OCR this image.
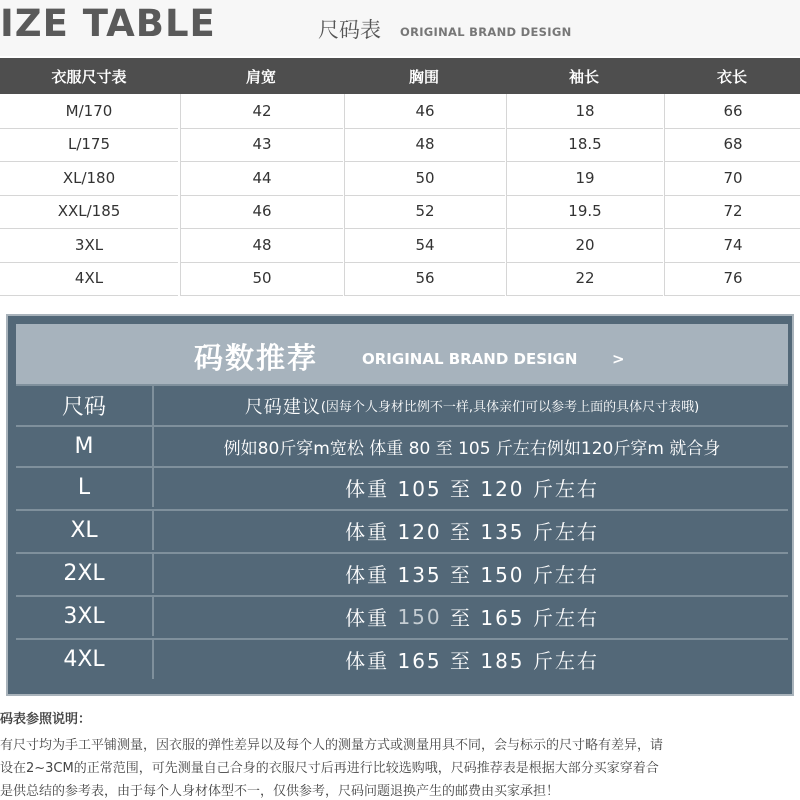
IZE TABLE	尺码表 ORIGINAL BRAND DESIGN
衣服尺寸表	肩宽	胸围	袖长	衣长
M/170	42	46	18	66
L/175	43	48	18.5	68
XL/180	44	50	19	70
XXL/185	46	52	19.5	72
3XL	48	54	20	74
4XL	50	56	22	76
码数推荐	ORIGINAL BRAND DESIGN >
尺码	尺码建议 (因每个人身材比例不一样,具体亲们可以参考上面的具体尺寸表哦)
M	例如80斤穿m宽松 体重 80 至 105 斤左右例如120斤穿m 就合身
L	体重 105 至 120 斤左右
XL	体重 120 至 135 斤左右
2XL	体重 135 至 150 斤左右
3XL	体重 150 至 165 斤左右
4XL	体重 165 至 185 斤左右
码表参照说明：
有尺寸均为手工平铺测量，因衣服的弹性差异以及每个人的测量方式或测量用具不同，会与标示的尺寸略有差异，请
设在2~3CM的正常范围，可先测量自己合身的衣服尺寸后再进行比较选购哦，尺码推荐表是根据大部分买家穿着合
是供总结的参考表，由于每个人身材体型不一，仅供参考，尺码问题退换产生的邮费由买家承担！
